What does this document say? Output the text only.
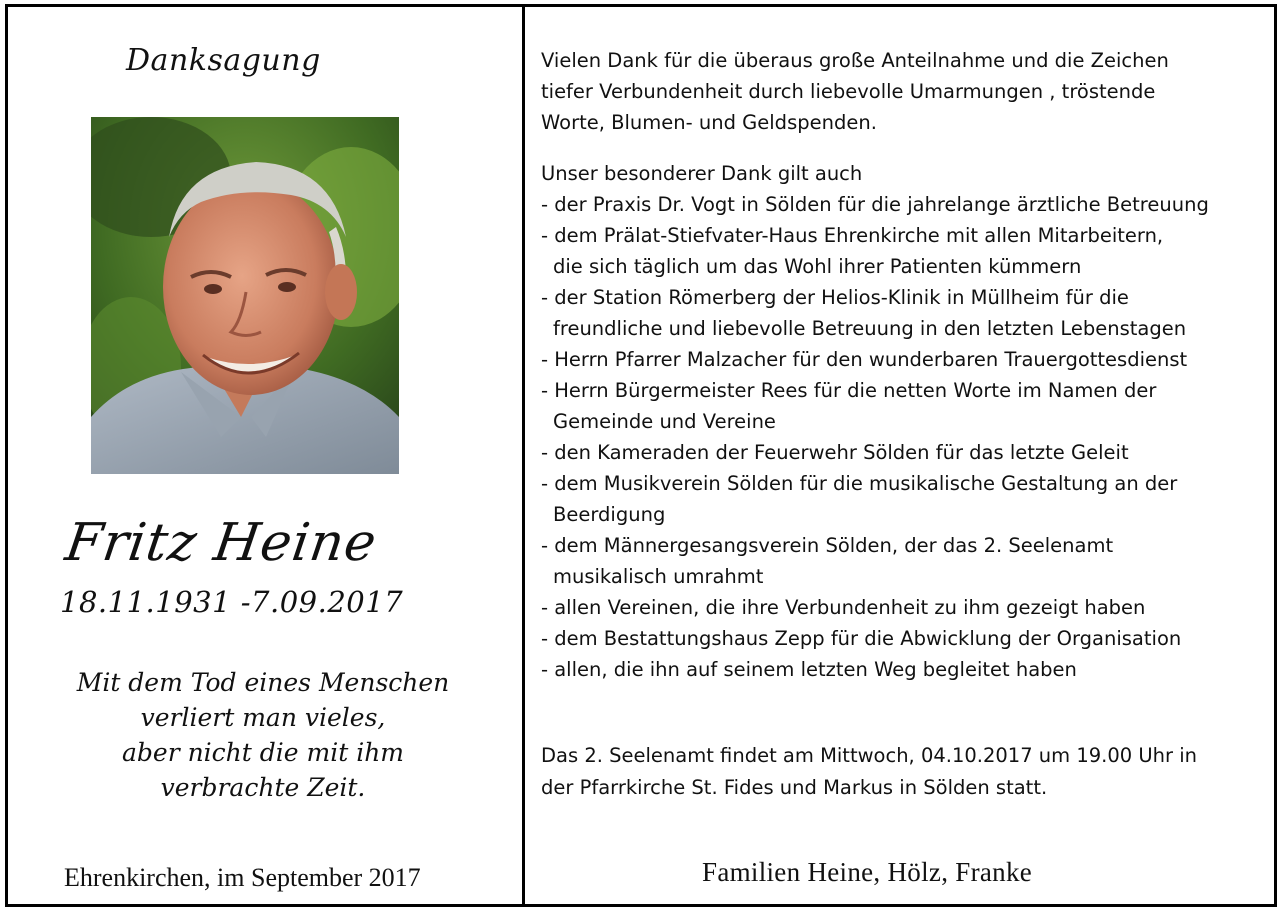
Danksagung
Fritz Heine
18.11.1931 -7.09.2017
Mit dem Tod eines Menschen
verliert man vieles,
aber nicht die mit ihm
verbrachte Zeit.
Ehrenkirchen, im September 2017
Vielen Dank für die überaus große Anteilnahme und die Zeichen
tiefer Verbundenheit durch liebevolle Umarmungen , tröstende
Worte, Blumen- und Geldspenden.
Unser besonderer Dank gilt auch
- der Praxis Dr. Vogt in Sölden für die jahrelange ärztliche Betreuung
- dem Prälat-Stiefvater-Haus Ehrenkirche mit allen Mitarbeitern,
die sich täglich um das Wohl ihrer Patienten kümmern
- der Station Römerberg der Helios-Klinik in Müllheim für die
freundliche und liebevolle Betreuung in den letzten Lebenstagen
- Herrn Pfarrer Malzacher für den wunderbaren Trauergottesdienst
- Herrn Bürgermeister Rees für die netten Worte im Namen der
Gemeinde und Vereine
- den Kameraden der Feuerwehr Sölden für das letzte Geleit
- dem Musikverein Sölden für die musikalische Gestaltung an der
Beerdigung
- dem Männergesangsverein Sölden, der das 2. Seelenamt
musikalisch umrahmt
- allen Vereinen, die ihre Verbundenheit zu ihm gezeigt haben
- dem Bestattungshaus Zepp für die Abwicklung der Organisation
- allen, die ihn auf seinem letzten Weg begleitet haben
Das 2. Seelenamt findet am Mittwoch, 04.10.2017 um 19.00 Uhr in
der Pfarrkirche St. Fides und Markus in Sölden statt.
Familien Heine, Hölz, Franke
